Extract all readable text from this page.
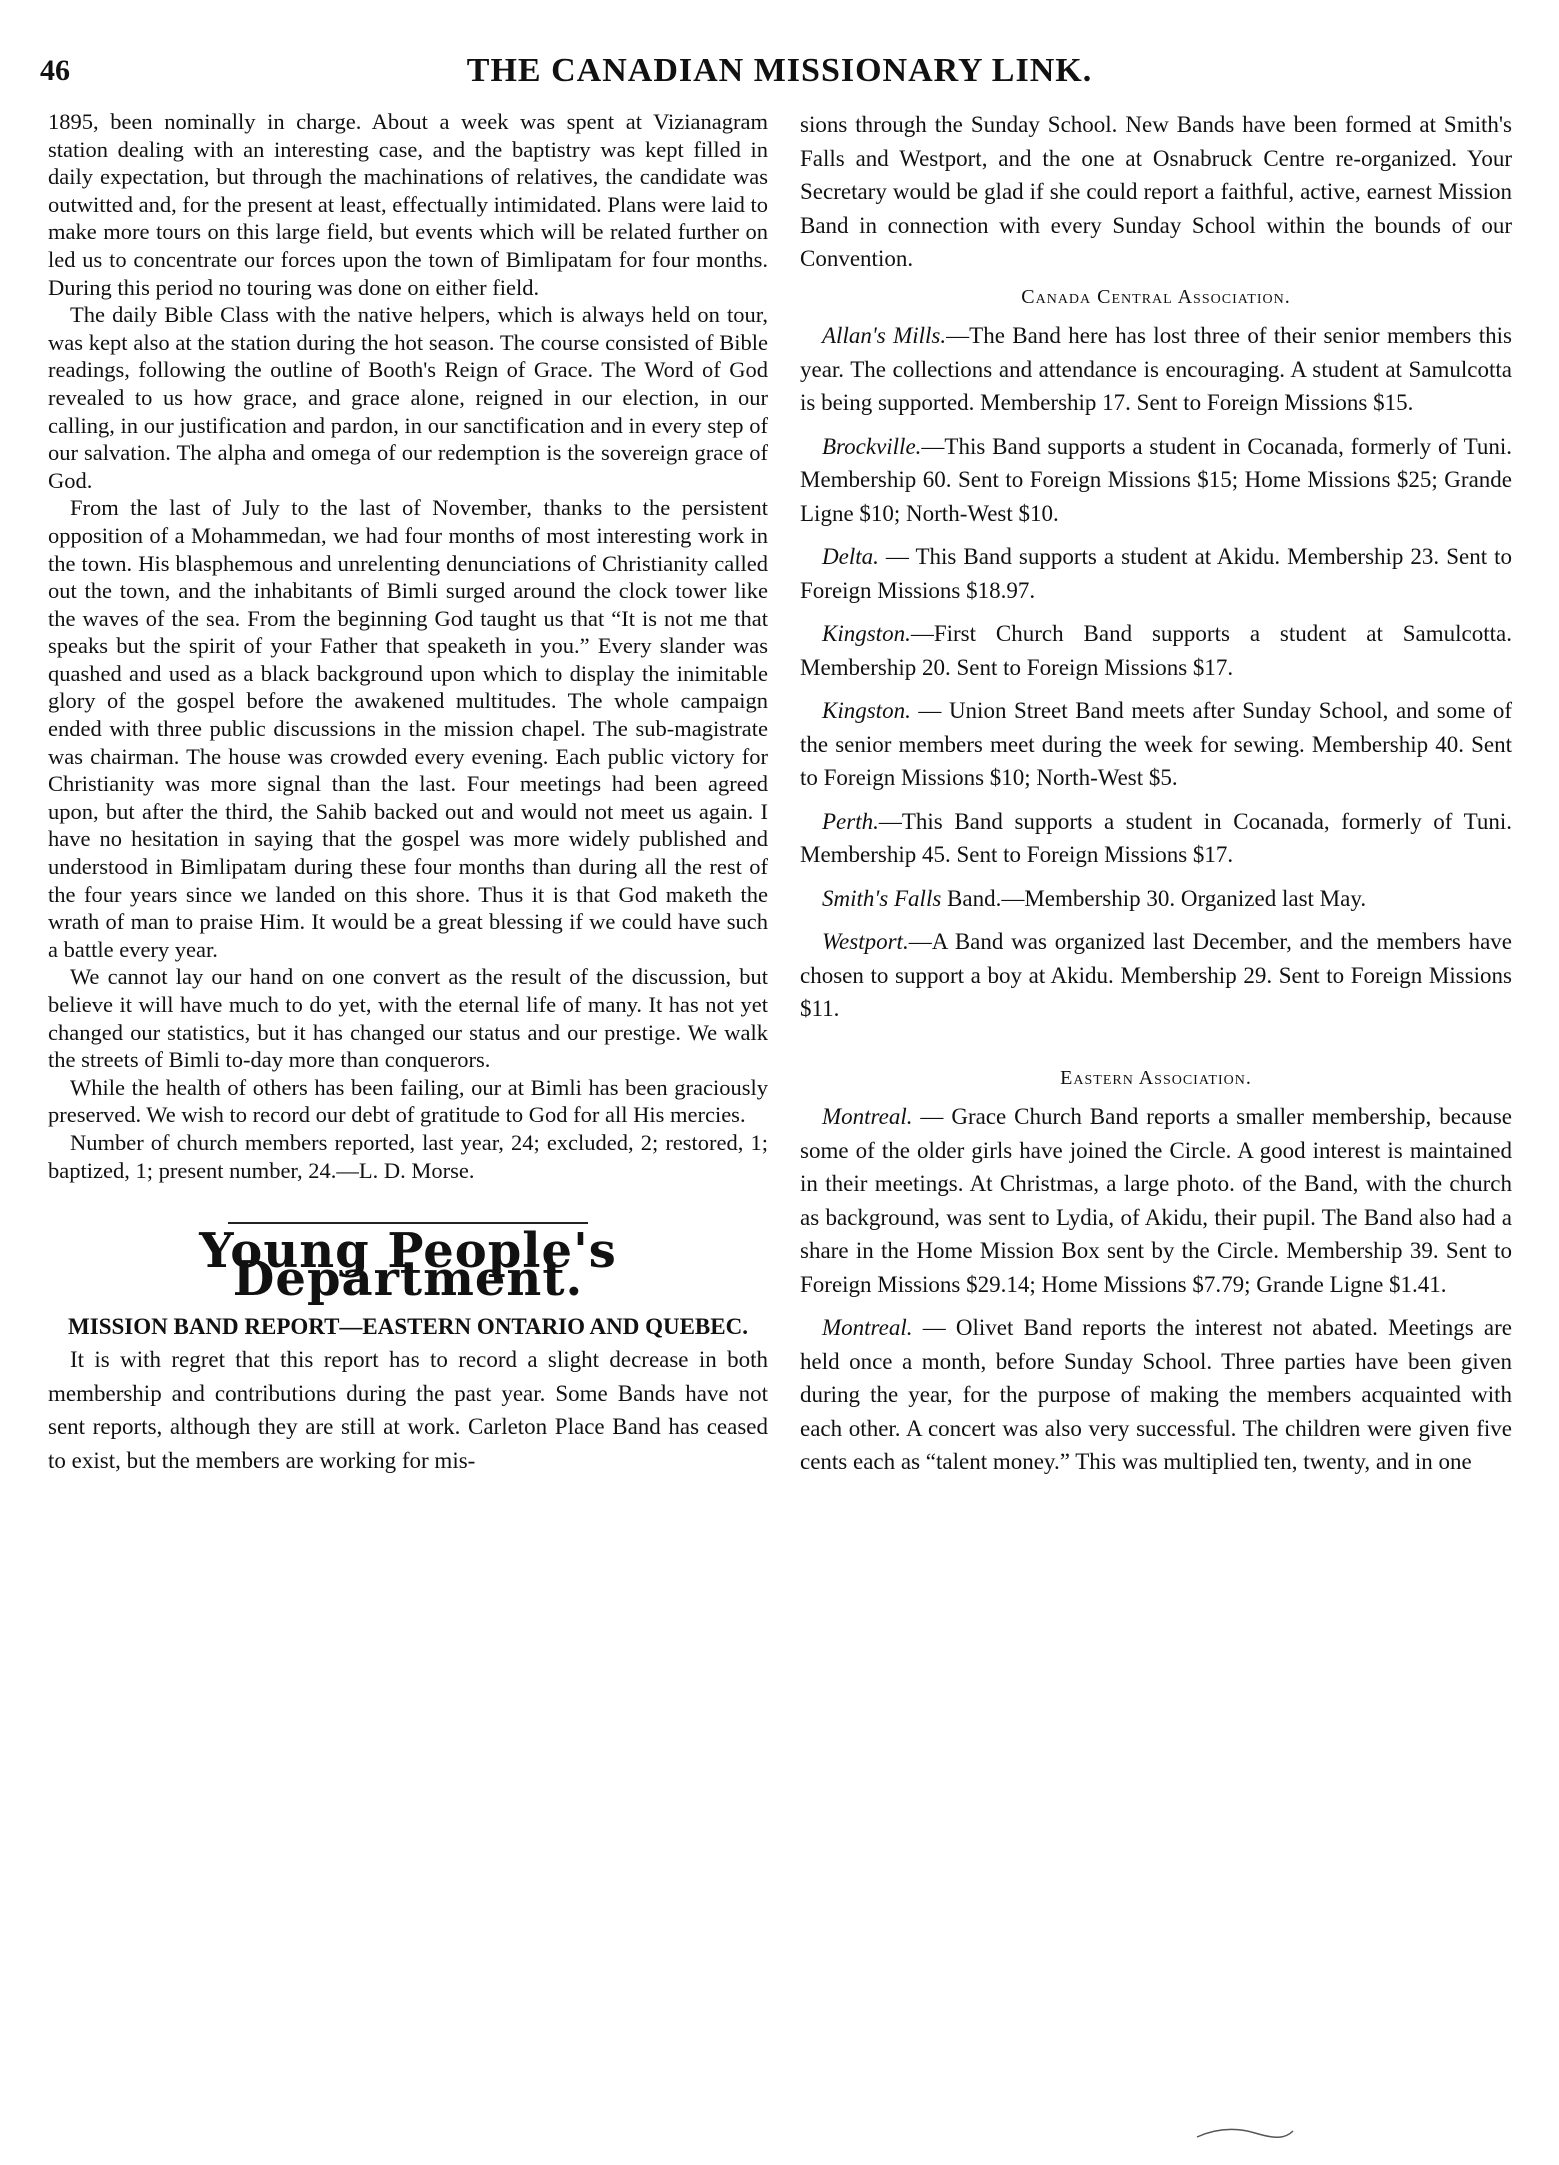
46	THE CANADIAN MISSIONARY LINK.

1895, been nominally in charge. About a week was spent at Vizianagram station dealing with an interesting case, and the baptistry was kept filled in daily expectation, but through the machinations of relatives, the candidate was outwitted and, for the present at least, effectually intimidated. Plans were laid to make more tours on this large field, but events which will be related further on led us to concentrate our forces upon the town of Bimlipatam for four months. During this period no touring was done on either field.

The daily Bible Class with the native helpers, which is always held on tour, was kept also at the station during the hot season. The course consisted of Bible readings, following the outline of Booth's Reign of Grace. The Word of God revealed to us how grace, and grace alone, reigned in our election, in our calling, in our justification and pardon, in our sanctification and in every step of our salvation. The alpha and omega of our redemption is the sovereign grace of God.

From the last of July to the last of November, thanks to the persistent opposition of a Mohammedan, we had four months of most interesting work in the town. His blasphemous and unrelenting denunciations of Christianity called out the town, and the inhabitants of Bimli surged around the clock tower like the waves of the sea. From the beginning God taught us that “It is not me that speaks but the spirit of your Father that speaketh in you.” Every slander was quashed and used as a black background upon which to display the inimitable glory of the gospel before the awakened multitudes. The whole campaign ended with three public discussions in the mission chapel. The sub-magistrate was chairman. The house was crowded every evening. Each public victory for Christianity was more signal than the last. Four meetings had been agreed upon, but after the third, the Sahib backed out and would not meet us again. I have no hesitation in saying that the gospel was more widely published and understood in Bimlipatam during these four months than during all the rest of the four years since we landed on this shore. Thus it is that God maketh the wrath of man to praise Him. It would be a great blessing if we could have such a battle every year.

We cannot lay our hand on one convert as the result of the discussion, but believe it will have much to do yet, with the eternal life of many. It has not yet changed our statistics, but it has changed our status and our prestige. We walk the streets of Bimli to-day more than conquerors.

While the health of others has been failing, our at Bimli has been graciously preserved. We wish to record our debt of gratitude to God for all His mercies.

Number of church members reported, last year, 24; excluded, 2; restored, 1; baptized, 1; present number, 24.—L. D. Morse.

Young People's Department.

MISSION BAND REPORT—EASTERN ONTARIO AND QUEBEC.

It is with regret that this report has to record a slight decrease in both membership and contributions during the past year. Some Bands have not sent reports, although they are still at work. Carleton Place Band has ceased to exist, but the members are working for mis-

sions through the Sunday School. New Bands have been formed at Smith's Falls and Westport, and the one at Osnabruck Centre re-organized. Your Secretary would be glad if she could report a faithful, active, earnest Mission Band in connection with every Sunday School within the bounds of our Convention.

Canada Central Association.

Allan's Mills.—The Band here has lost three of their senior members this year. The collections and attendance is encouraging. A student at Samulcotta is being supported. Membership 17. Sent to Foreign Missions $15.

Brockville.—This Band supports a student in Cocanada, formerly of Tuni. Membership 60. Sent to Foreign Missions $15; Home Missions $25; Grande Ligne $10; North-West $10.

Delta. — This Band supports a student at Akidu. Membership 23. Sent to Foreign Missions $18.97.

Kingston.—First Church Band supports a student at Samulcotta. Membership 20. Sent to Foreign Missions $17.

Kingston. — Union Street Band meets after Sunday School, and some of the senior members meet during the week for sewing. Membership 40. Sent to Foreign Missions $10; North-West $5.

Perth.—This Band supports a student in Cocanada, formerly of Tuni. Membership 45. Sent to Foreign Missions $17.

Smith's Falls Band.—Membership 30. Organized last May.

Westport.—A Band was organized last December, and the members have chosen to support a boy at Akidu. Membership 29. Sent to Foreign Missions $11.

Eastern Association.

Montreal. — Grace Church Band reports a smaller membership, because some of the older girls have joined the Circle. A good interest is maintained in their meetings. At Christmas, a large photo. of the Band, with the church as background, was sent to Lydia, of Akidu, their pupil. The Band also had a share in the Home Mission Box sent by the Circle. Membership 39. Sent to Foreign Missions $29.14; Home Missions $7.79; Grande Ligne $1.41.

Montreal. — Olivet Band reports the interest not abated. Meetings are held once a month, before Sunday School. Three parties have been given during the year, for the purpose of making the members acquainted with each other. A concert was also very successful. The children were given five cents each as “talent money.” This was multiplied ten, twenty, and in one
